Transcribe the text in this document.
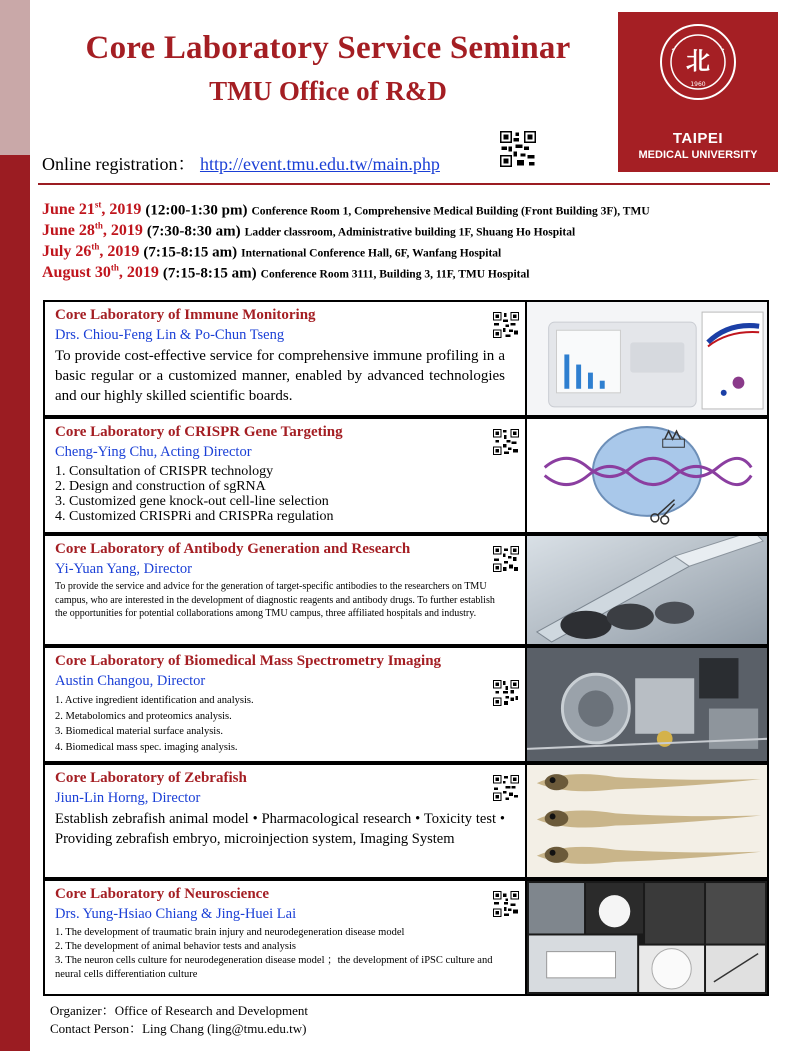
Core Laboratory Service Seminar
TMU Office of R&D
北
1960
TAIPEI
MEDICAL UNIVERSITY
Online registration： http://event.tmu.edu.tw/main.php
June 21st, 2019 (12:00-1:30 pm) Conference Room 1, Comprehensive Medical Building (Front Building 3F), TMU
June 28th, 2019 (7:30-8:30 am) Ladder classroom, Administrative building 1F, Shuang Ho Hospital
July 26th, 2019 (7:15-8:15 am) International Conference Hall, 6F, Wanfang Hospital
August 30th, 2019 (7:15-8:15 am) Conference Room 3111, Building 3, 11F, TMU Hospital
Core Laboratory of Immune Monitoring
Drs. Chiou-Feng Lin & Po-Chun Tseng
To provide cost-effective service for comprehensive immune profiling in a basic regular or a customized manner, enabled by advanced technologies and our highly skilled scientific boards.
Core Laboratory of CRISPR Gene Targeting
Cheng-Ying Chu, Acting Director
1. Consultation of CRISPR technology
2. Design and construction of sgRNA
3. Customized gene knock-out cell-line selection
4. Customized CRISPRi and CRISPRa regulation
Core Laboratory of Antibody Generation and Research
Yi-Yuan Yang, Director
To provide the service and advice for the generation of target-specific antibodies to the researchers on TMU campus, who are interested in the development of diagnostic reagents and antibody drugs. To further establish the opportunities for potential collaborations among TMU campus, three affiliated hospitals and industry.
Core Laboratory of Biomedical Mass Spectrometry Imaging
Austin Changou, Director
1. Active ingredient identification and analysis.
2. Metabolomics and proteomics analysis.
3. Biomedical material surface analysis.
4. Biomedical mass spec. imaging analysis.
Core Laboratory of Zebrafish
Jiun-Lin Horng, Director
Establish zebrafish animal model • Pharmacological research • Toxicity test • Providing zebrafish embryo, microinjection system, Imaging System
Core Laboratory of Neuroscience
Drs. Yung-Hsiao Chiang & Jing-Huei Lai
1. The development of traumatic brain injury and neurodegeneration disease model
2. The development of animal behavior tests and analysis
3. The neuron cells culture for neurodegeneration disease model ；the development of iPSC culture and neural cells differentiation culture
Organizer：Office of Research and Development
Contact Person：Ling Chang (ling@tmu.edu.tw)
